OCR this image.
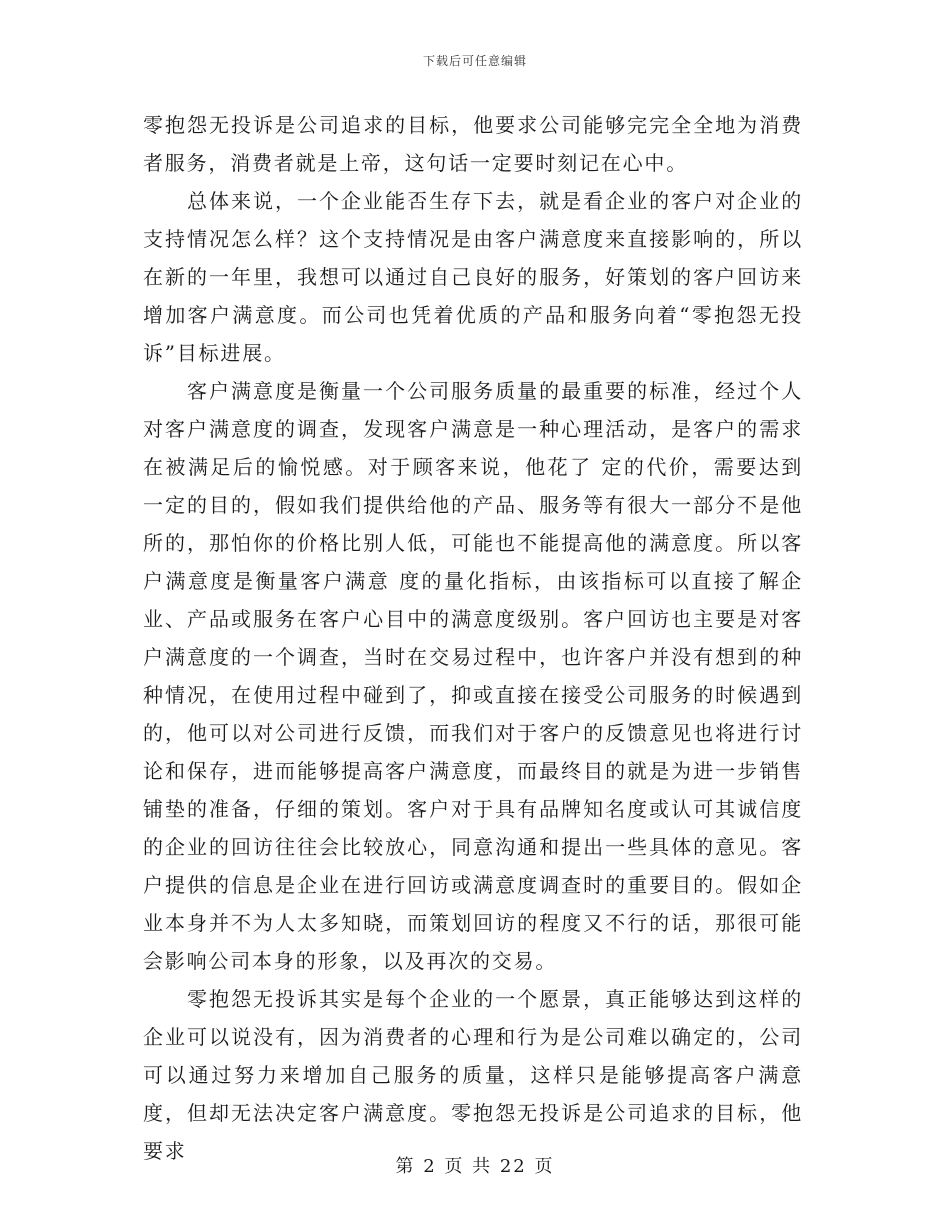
下载后可任意编辑

零抱怨无投诉是公司追求的目标，他要求公司能够完完全全地为消费者服务，消费者就是上帝，这句话一定要时刻记在心中。

总体来说，一个企业能否生存下去，就是看企业的客户对企业的支持情况怎么样？这个支持情况是由客户满意度来直接影响的，所以在新的一年里，我想可以通过自己良好的服务，好策划的客户回访来增加客户满意度。而公司也凭着优质的产品和服务向着“零抱怨无投诉”目标进展。

客户满意度是衡量一个公司服务质量的最重要的标准，经过个人对客户满意度的调查，发现客户满意是一种心理活动，是客户的需求在被满足后的愉悦感。对于顾客来说，他花了 定的代价，需要达到一定的目的，假如我们提供给他的产品、服务等有很大一部分不是他所的，那怕你的价格比别人低，可能也不能提高他的满意度。所以客户满意度是衡量客户满意 度的量化指标，由该指标可以直接了解企业、产品或服务在客户心目中的满意度级别。客户回访也主要是对客户满意度的一个调查，当时在交易过程中，也许客户并没有想到的种种情况，在使用过程中碰到了，抑或直接在接受公司服务的时候遇到的，他可以对公司进行反馈，而我们对于客户的反馈意见也将进行讨论和保存，进而能够提高客户满意度，而最终目的就是为进一步销售铺垫的准备，仔细的策划。客户对于具有品牌知名度或认可其诚信度的企业的回访往往会比较放心，同意沟通和提出一些具体的意见。客户提供的信息是企业在进行回访或满意度调查时的重要目的。假如企业本身并不为人太多知晓，而策划回访的程度又不行的话，那很可能会影响公司本身的形象，以及再次的交易。

零抱怨无投诉其实是每个企业的一个愿景，真正能够达到这样的企业可以说没有，因为消费者的心理和行为是公司难以确定的，公司可以通过努力来增加自己服务的质量，这样只是能够提高客户满意度，但却无法决定客户满意度。零抱怨无投诉是公司追求的目标，他要求

第 2 页 共 22 页
